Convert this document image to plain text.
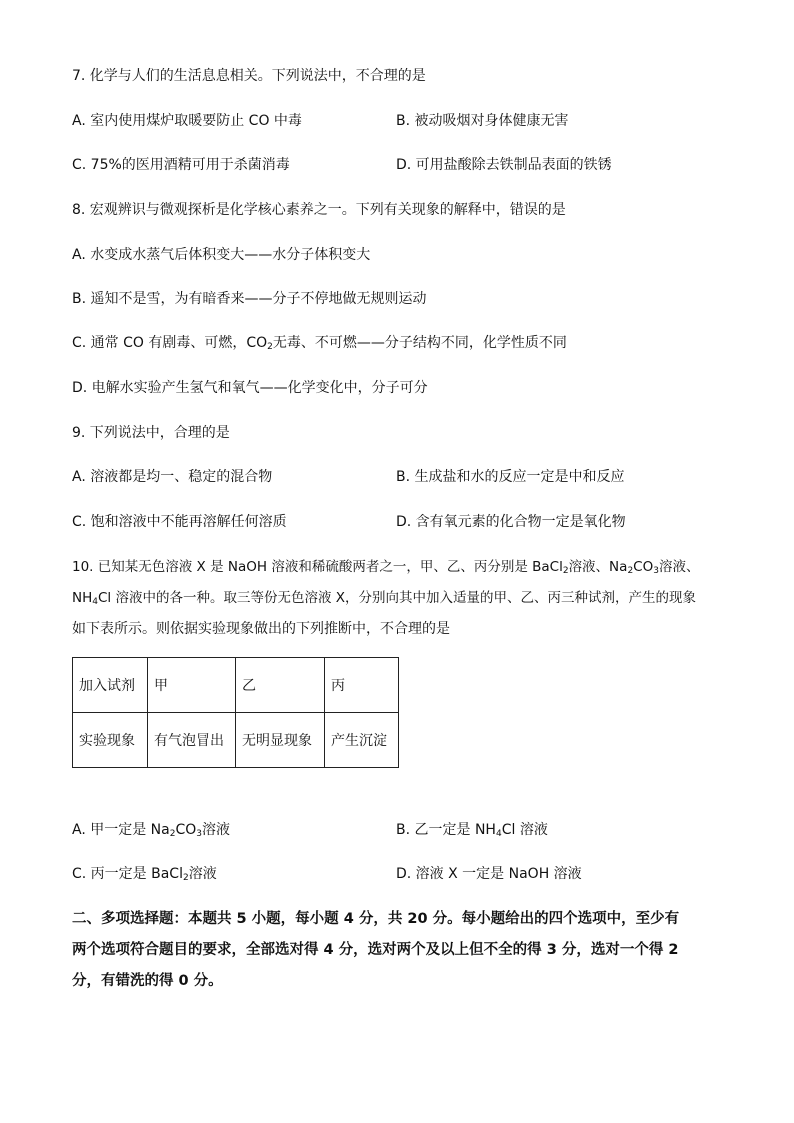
7. 化学与人们的生活息息相关。下列说法中，不合理的是
A. 室内使用煤炉取暖要防止 CO 中毒	B. 被动吸烟对身体健康无害
C. 75%的医用酒精可用于杀菌消毒	D. 可用盐酸除去铁制品表面的铁锈
8. 宏观辨识与微观探析是化学核心素养之一。下列有关现象的解释中，错误的是
A. 水变成水蒸气后体积变大——水分子体积变大
B. 遥知不是雪，为有暗香来——分子不停地做无规则运动
C. 通常 CO 有剧毒、可燃，$CO_2$无毒、不可燃——分子结构不同，化学性质不同
D. 电解水实验产生氢气和氧气——化学变化中，分子可分
9. 下列说法中，合理的是
A. 溶液都是均一、稳定的混合物	B. 生成盐和水的反应一定是中和反应
C. 饱和溶液中不能再溶解任何溶质	D. 含有氧元素的化合物一定是氧化物
10. 已知某无色溶液 X 是 NaOH 溶液和稀硫酸两者之一，甲、乙、丙分别是 BaCl$_2$溶液、$Na_2CO_3$溶液、
$NH_4Cl$ 溶液中的各一种。取三等份无色溶液 X，分别向其中加入适量的甲、乙、丙三种试剂，产生的现象
如下表所示。则依据实验现象做出的下列推断中，不合理的是
加入试剂	甲	乙	丙
实验现象	有气泡冒出	无明显现象	产生沉淀
A. 甲一定是 $Na_2CO_3$溶液	B. 乙一定是 $NH_4Cl$ 溶液
C. 丙一定是 BaCl$_2$溶液	D. 溶液 X 一定是 NaOH 溶液
二、多项选择题：本题共 5 小题，每小题 4 分，共 20 分。每小题给出的四个选项中，至少有
两个选项符合题目的要求，全部选对得 4 分，选对两个及以上但不全的得 3 分，选对一个得 2
分，有错洗的得 0 分。
